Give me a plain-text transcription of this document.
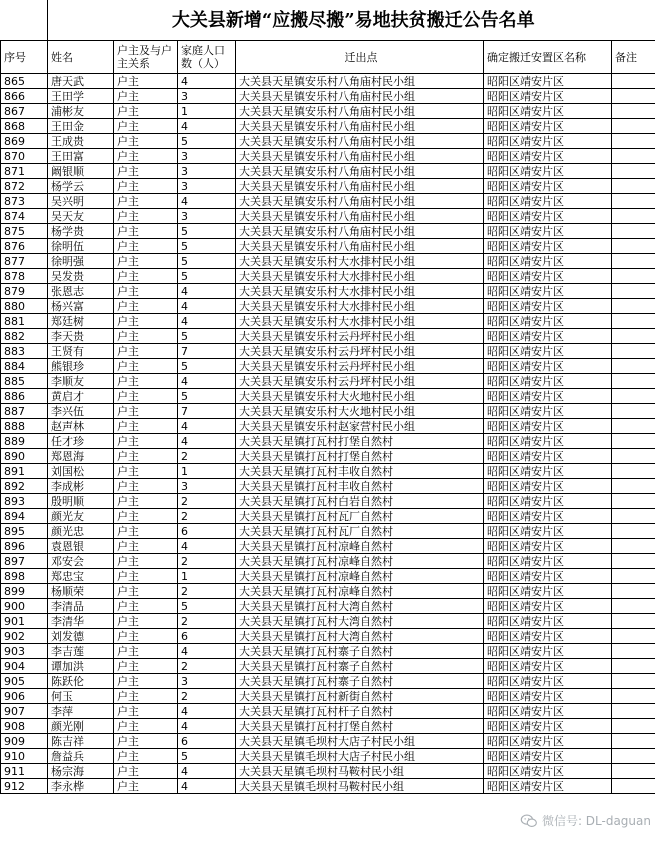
	大关县新增“应搬尽搬”易地扶贫搬迁公告名单					
序号	姓名	户主及与户主关系	家庭人口数（人）	迁出点	确定搬迁安置区名称	备注
865	唐天武	户主	4	大关县天星镇安乐村八角庙村民小组	昭阳区靖安片区	
866	王田学	户主	3	大关县天星镇安乐村八角庙村民小组	昭阳区靖安片区	
867	浦彬友	户主	1	大关县天星镇安乐村八角庙村民小组	昭阳区靖安片区	
868	王田金	户主	4	大关县天星镇安乐村八角庙村民小组	昭阳区靖安片区	
869	王成贵	户主	5	大关县天星镇安乐村八角庙村民小组	昭阳区靖安片区	
870	王田富	户主	3	大关县天星镇安乐村八角庙村民小组	昭阳区靖安片区	
871	阚银顺	户主	3	大关县天星镇安乐村八角庙村民小组	昭阳区靖安片区	
872	杨学云	户主	3	大关县天星镇安乐村八角庙村民小组	昭阳区靖安片区	
873	吴兴明	户主	4	大关县天星镇安乐村八角庙村民小组	昭阳区靖安片区	
874	吴天友	户主	3	大关县天星镇安乐村八角庙村民小组	昭阳区靖安片区	
875	杨学贵	户主	5	大关县天星镇安乐村八角庙村民小组	昭阳区靖安片区	
876	徐明伍	户主	5	大关县天星镇安乐村八角庙村民小组	昭阳区靖安片区	
877	徐明强	户主	5	大关县天星镇安乐村大水排村民小组	昭阳区靖安片区	
878	吴发贵	户主	5	大关县天星镇安乐村大水排村民小组	昭阳区靖安片区	
879	张恩志	户主	4	大关县天星镇安乐村大水排村民小组	昭阳区靖安片区	
880	杨兴富	户主	4	大关县天星镇安乐村大水排村民小组	昭阳区靖安片区	
881	郑廷树	户主	4	大关县天星镇安乐村大水排村民小组	昭阳区靖安片区	
882	李天贵	户主	5	大关县天星镇安乐村云丹坪村民小组	昭阳区靖安片区	
883	王贤有	户主	7	大关县天星镇安乐村云丹坪村民小组	昭阳区靖安片区	
884	熊银珍	户主	5	大关县天星镇安乐村云丹坪村民小组	昭阳区靖安片区	
885	李顺友	户主	4	大关县天星镇安乐村云丹坪村民小组	昭阳区靖安片区	
886	黄启才	户主	5	大关县天星镇安乐村大火地村民小组	昭阳区靖安片区	
887	李兴伍	户主	7	大关县天星镇安乐村大火地村民小组	昭阳区靖安片区	
888	赵声林	户主	4	大关县天星镇安乐村赵家营村民小组	昭阳区靖安片区	
889	任才珍	户主	4	大关县天星镇打瓦村打堡自然村	昭阳区靖安片区	
890	郑恩海	户主	2	大关县天星镇打瓦村打堡自然村	昭阳区靖安片区	
891	刘国松	户主	1	大关县天星镇打瓦村丰收自然村	昭阳区靖安片区	
892	李成彬	户主	3	大关县天星镇打瓦村丰收自然村	昭阳区靖安片区	
893	殷明顺	户主	2	大关县天星镇打瓦村白岩自然村	昭阳区靖安片区	
894	颜光友	户主	2	大关县天星镇打瓦村瓦厂自然村	昭阳区靖安片区	
895	颜光忠	户主	6	大关县天星镇打瓦村瓦厂自然村	昭阳区靖安片区	
896	袁恩银	户主	4	大关县天星镇打瓦村凉峰自然村	昭阳区靖安片区	
897	邓安会	户主	2	大关县天星镇打瓦村凉峰自然村	昭阳区靖安片区	
898	郑忠宝	户主	1	大关县天星镇打瓦村凉峰自然村	昭阳区靖安片区	
899	杨顺荣	户主	2	大关县天星镇打瓦村凉峰自然村	昭阳区靖安片区	
900	李清品	户主	5	大关县天星镇打瓦村大湾自然村	昭阳区靖安片区	
901	李清华	户主	2	大关县天星镇打瓦村大湾自然村	昭阳区靖安片区	
902	刘发德	户主	6	大关县天星镇打瓦村大湾自然村	昭阳区靖安片区	
903	李吉莲	户主	4	大关县天星镇打瓦村寨子自然村	昭阳区靖安片区	
904	谭加洪	户主	2	大关县天星镇打瓦村寨子自然村	昭阳区靖安片区	
905	陈跃伦	户主	3	大关县天星镇打瓦村寨子自然村	昭阳区靖安片区	
906	何玉	户主	2	大关县天星镇打瓦村新街自然村	昭阳区靖安片区	
907	李萍	户主	4	大关县天星镇打瓦村杆子自然村	昭阳区靖安片区	
908	颜光刚	户主	4	大关县天星镇打瓦村打堡自然村	昭阳区靖安片区	
909	陈吉祥	户主	6	大关县天星镇毛坝村大店子村民小组	昭阳区靖安片区	
910	詹益兵	户主	5	大关县天星镇毛坝村大店子村民小组	昭阳区靖安片区	
911	杨宗海	户主	4	大关县天星镇毛坝村马鞍村民小组	昭阳区靖安片区	
912	李永桦	户主	4	大关县天星镇毛坝村马鞍村民小组	昭阳区靖安片区	
微信号: DL-daguan
